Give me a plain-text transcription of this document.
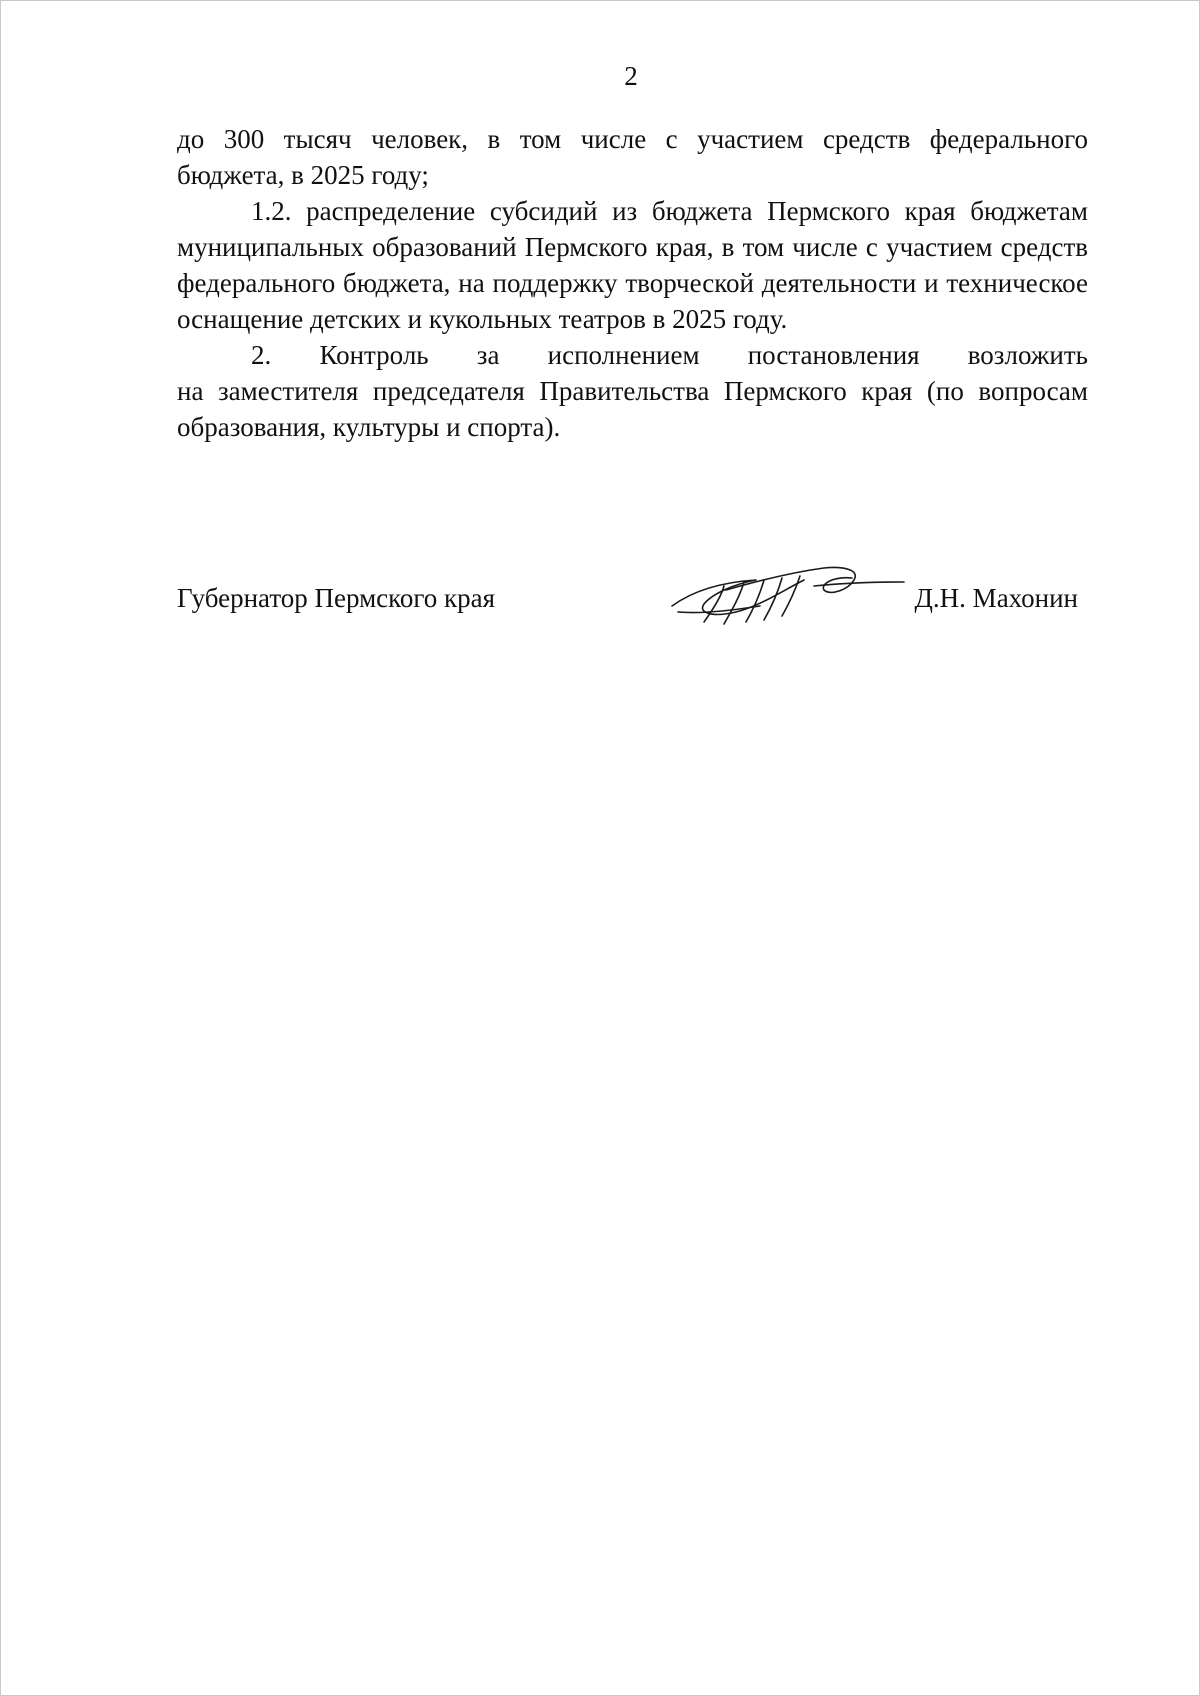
2

до 300 тысяч человек, в том числе с участием средств федерального

бюджета, в 2025 году;

1.2. распределение субсидий из бюджета Пермского края бюджетам муниципальных образований Пермского края, в том числе с участием средств федерального бюджета, на поддержку творческой деятельности и техническое оснащение детских и кукольных театров в 2025 году.

2. Контроль за исполнением постановления возложить

на заместителя председателя Правительства Пермского края (по вопросам образования, культуры и спорта).

Губернатор Пермского края	Д.Н. Махонин
